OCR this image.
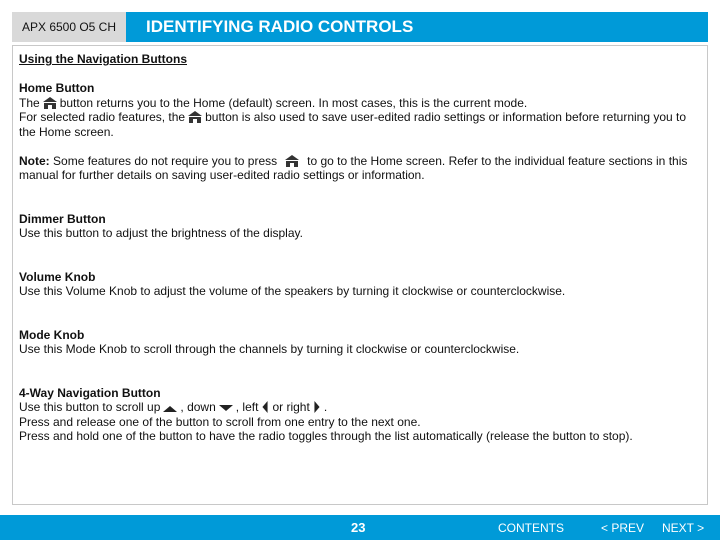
APX 6500 O5 CH	IDENTIFYING RADIO CONTROLS

Using the Navigation Buttons

Home Button

The button returns you to the Home (default) screen. In most cases, this is the current mode.

For selected radio features, the button is also used to save user-edited radio settings or information before returning you to

the Home screen.

Note: Some features do not require you to press	to go to the Home screen. Refer to the individual feature sections in this

manual for further details on saving user-edited radio settings or information.

Dimmer Button

Use this button to adjust the brightness of the display.

Volume Knob

Use this Volume Knob to adjust the volume of the speakers by turning it clockwise or counterclockwise.

Mode Knob

Use this Mode Knob to scroll through the channels by turning it clockwise or counterclockwise.

4-Way Navigation Button

Use this button to scroll up , down , left or right .

Press and release one of the button to scroll from one entry to the next one.

Press and hold one of the button to have the radio toggles through the list automatically (release the button to stop).

23	CONTENTS	< PREV NEXT >
